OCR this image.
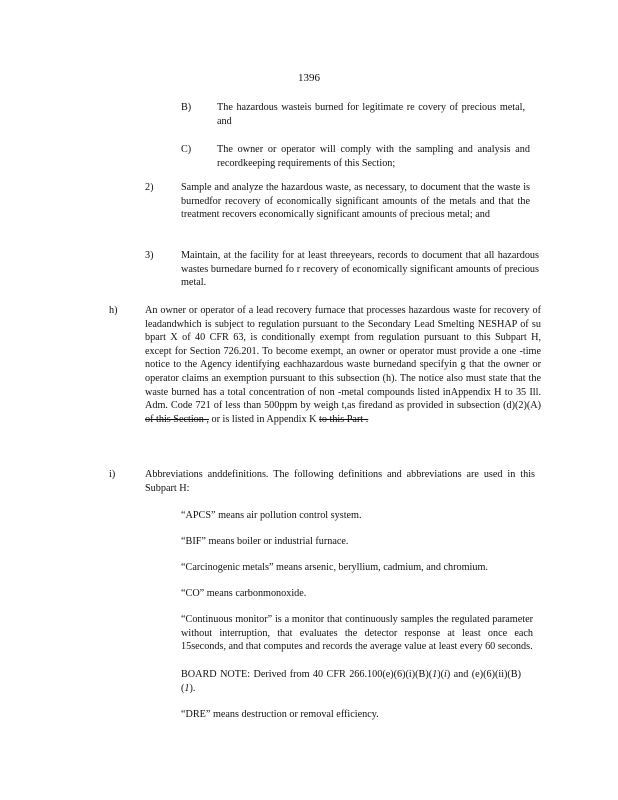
1396
B)	The hazardous wasteis burned for legitimate re covery of precious metal, and
C)	The owner or operator will comply with the sampling and analysis and recordkeeping requirements of this Section;
2)	Sample and analyze the hazardous waste, as necessary, to document that the waste is burnedfor recovery of economically significant amounts of the metals and that the treatment recovers economically significant amounts of precious metal; and
3)	Maintain, at the facility for at least threeyears, records to document that all hazardous wastes burnedare burned fo r recovery of economically significant amounts of precious metal.
h)	An owner or operator of a lead recovery furnace that processes hazardous waste for recovery of leadandwhich is subject to regulation pursuant to the Secondary Lead Smelting NESHAP of su bpart X of 40 CFR 63, is conditionally exempt from regulation pursuant to this Subpart H, except for Section 726.201. To become exempt, an owner or operator must provide a one -time notice to the Agency identifying eachhazardous waste burnedand specifyin g that the owner or operator claims an exemption pursuant to this subsection (h). The notice also must state that the waste burned has a total concentration of non -metal compounds listed inAppendix H to 35 Ill. Adm. Code 721 of less than 500ppm by weigh t,as firedand as provided in subsection (d)(2)(A) of this Section , or is listed in Appendix K to this Part .
i)	Abbreviations anddefinitions. The following definitions and abbreviations are used in this Subpart H:
“APCS” means air pollution control system.
“BIF” means boiler or industrial furnace.
“Carcinogenic metals” means arsenic, beryllium, cadmium, and chromium.
“CO” means carbonmonoxide.
“Continuous monitor” is a monitor that continuously samples the regulated parameter without interruption, that evaluates the detector response at least once each 15seconds, and that computes and records the average value at least every 60 seconds.
BOARD NOTE: Derived from 40 CFR 266.100(e)(6)(i)(B)(1)(i) and (e)(6)(ii)(B)(1).
“DRE” means destruction or removal efficiency.
